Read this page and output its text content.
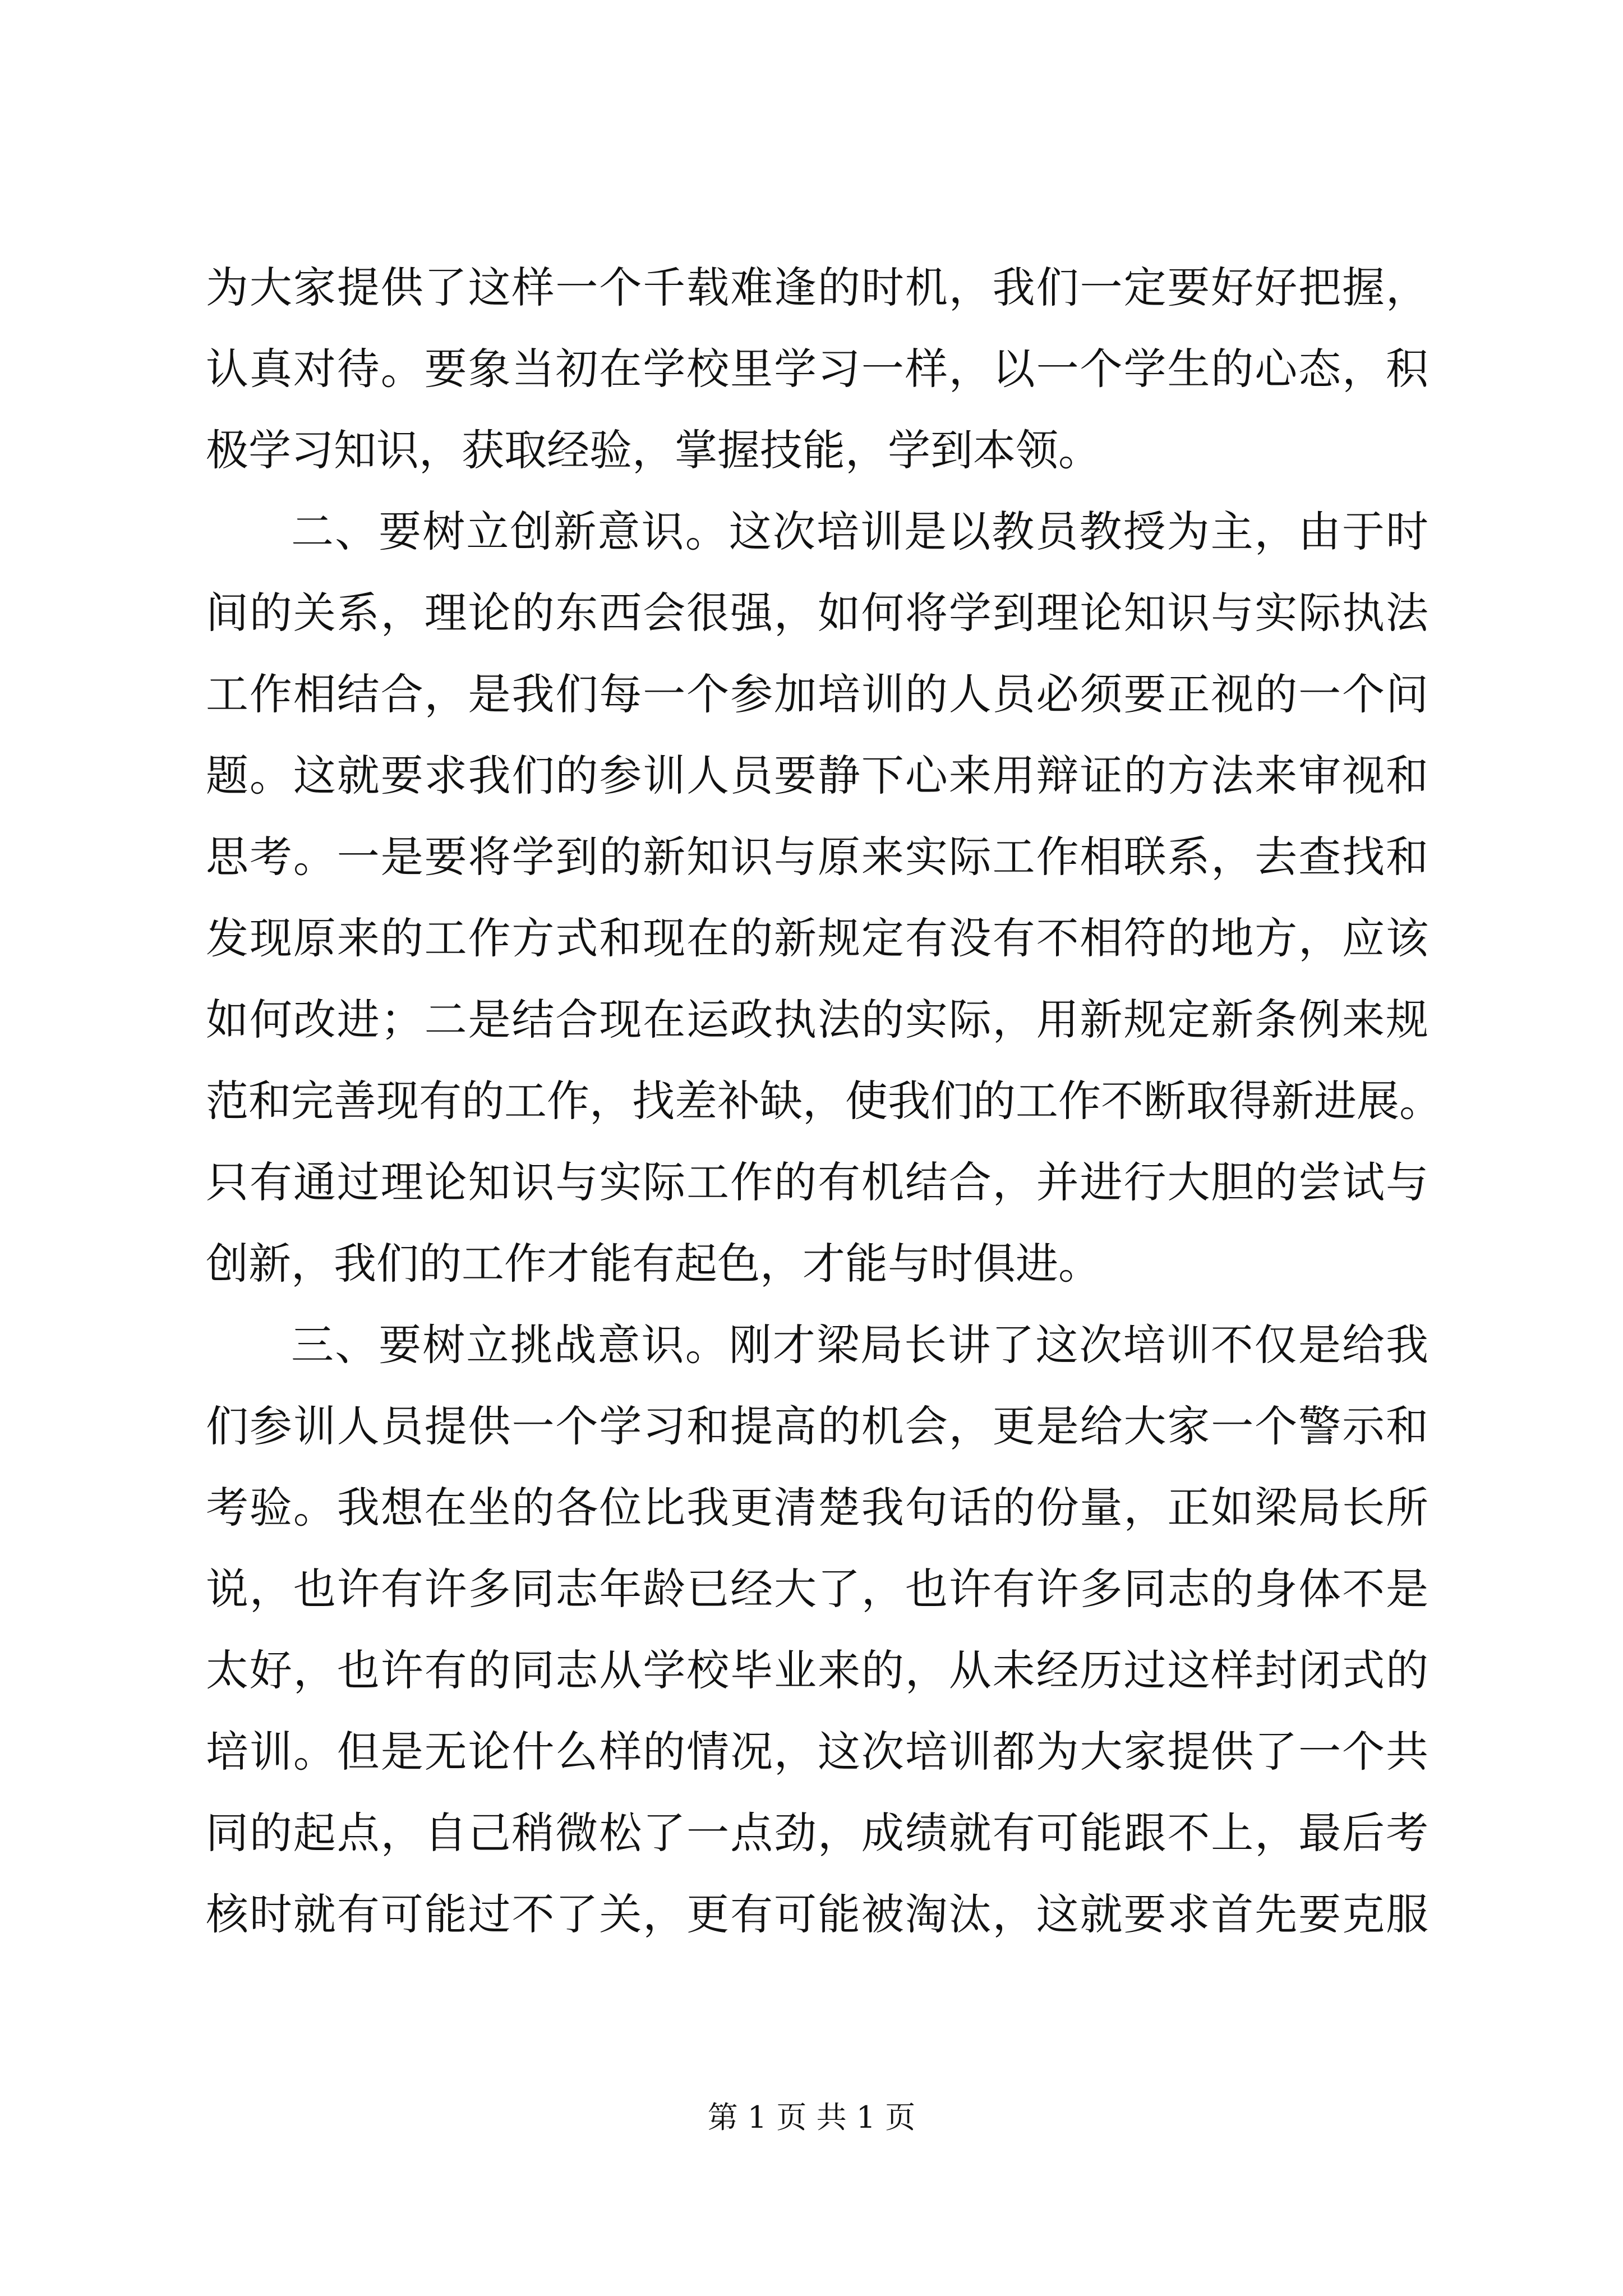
为大家提供了这样一个千载难逢的时机，我们一定要好好把握，
认真对待。要象当初在学校里学习一样，以一个学生的心态，积
极学习知识，获取经验，掌握技能，学到本领。
二、要树立创新意识。这次培训是以教员教授为主，由于时
间的关系，理论的东西会很强，如何将学到理论知识与实际执法
工作相结合，是我们每一个参加培训的人员必须要正视的一个问
题。这就要求我们的参训人员要静下心来用辩证的方法来审视和
思考。一是要将学到的新知识与原来实际工作相联系，去查找和
发现原来的工作方式和现在的新规定有没有不相符的地方，应该
如何改进；二是结合现在运政执法的实际，用新规定新条例来规
范和完善现有的工作，找差补缺，使我们的工作不断取得新进展。
只有通过理论知识与实际工作的有机结合，并进行大胆的尝试与
创新，我们的工作才能有起色，才能与时俱进。
三、要树立挑战意识。刚才梁局长讲了这次培训不仅是给我
们参训人员提供一个学习和提高的机会，更是给大家一个警示和
考验。我想在坐的各位比我更清楚我句话的份量，正如梁局长所
说，也许有许多同志年龄已经大了，也许有许多同志的身体不是
太好，也许有的同志从学校毕业来的，从未经历过这样封闭式的
培训。但是无论什么样的情况，这次培训都为大家提供了一个共
同的起点，自己稍微松了一点劲，成绩就有可能跟不上，最后考
核时就有可能过不了关，更有可能被淘汰，这就要求首先要克服
第 1 页 共 1 页
